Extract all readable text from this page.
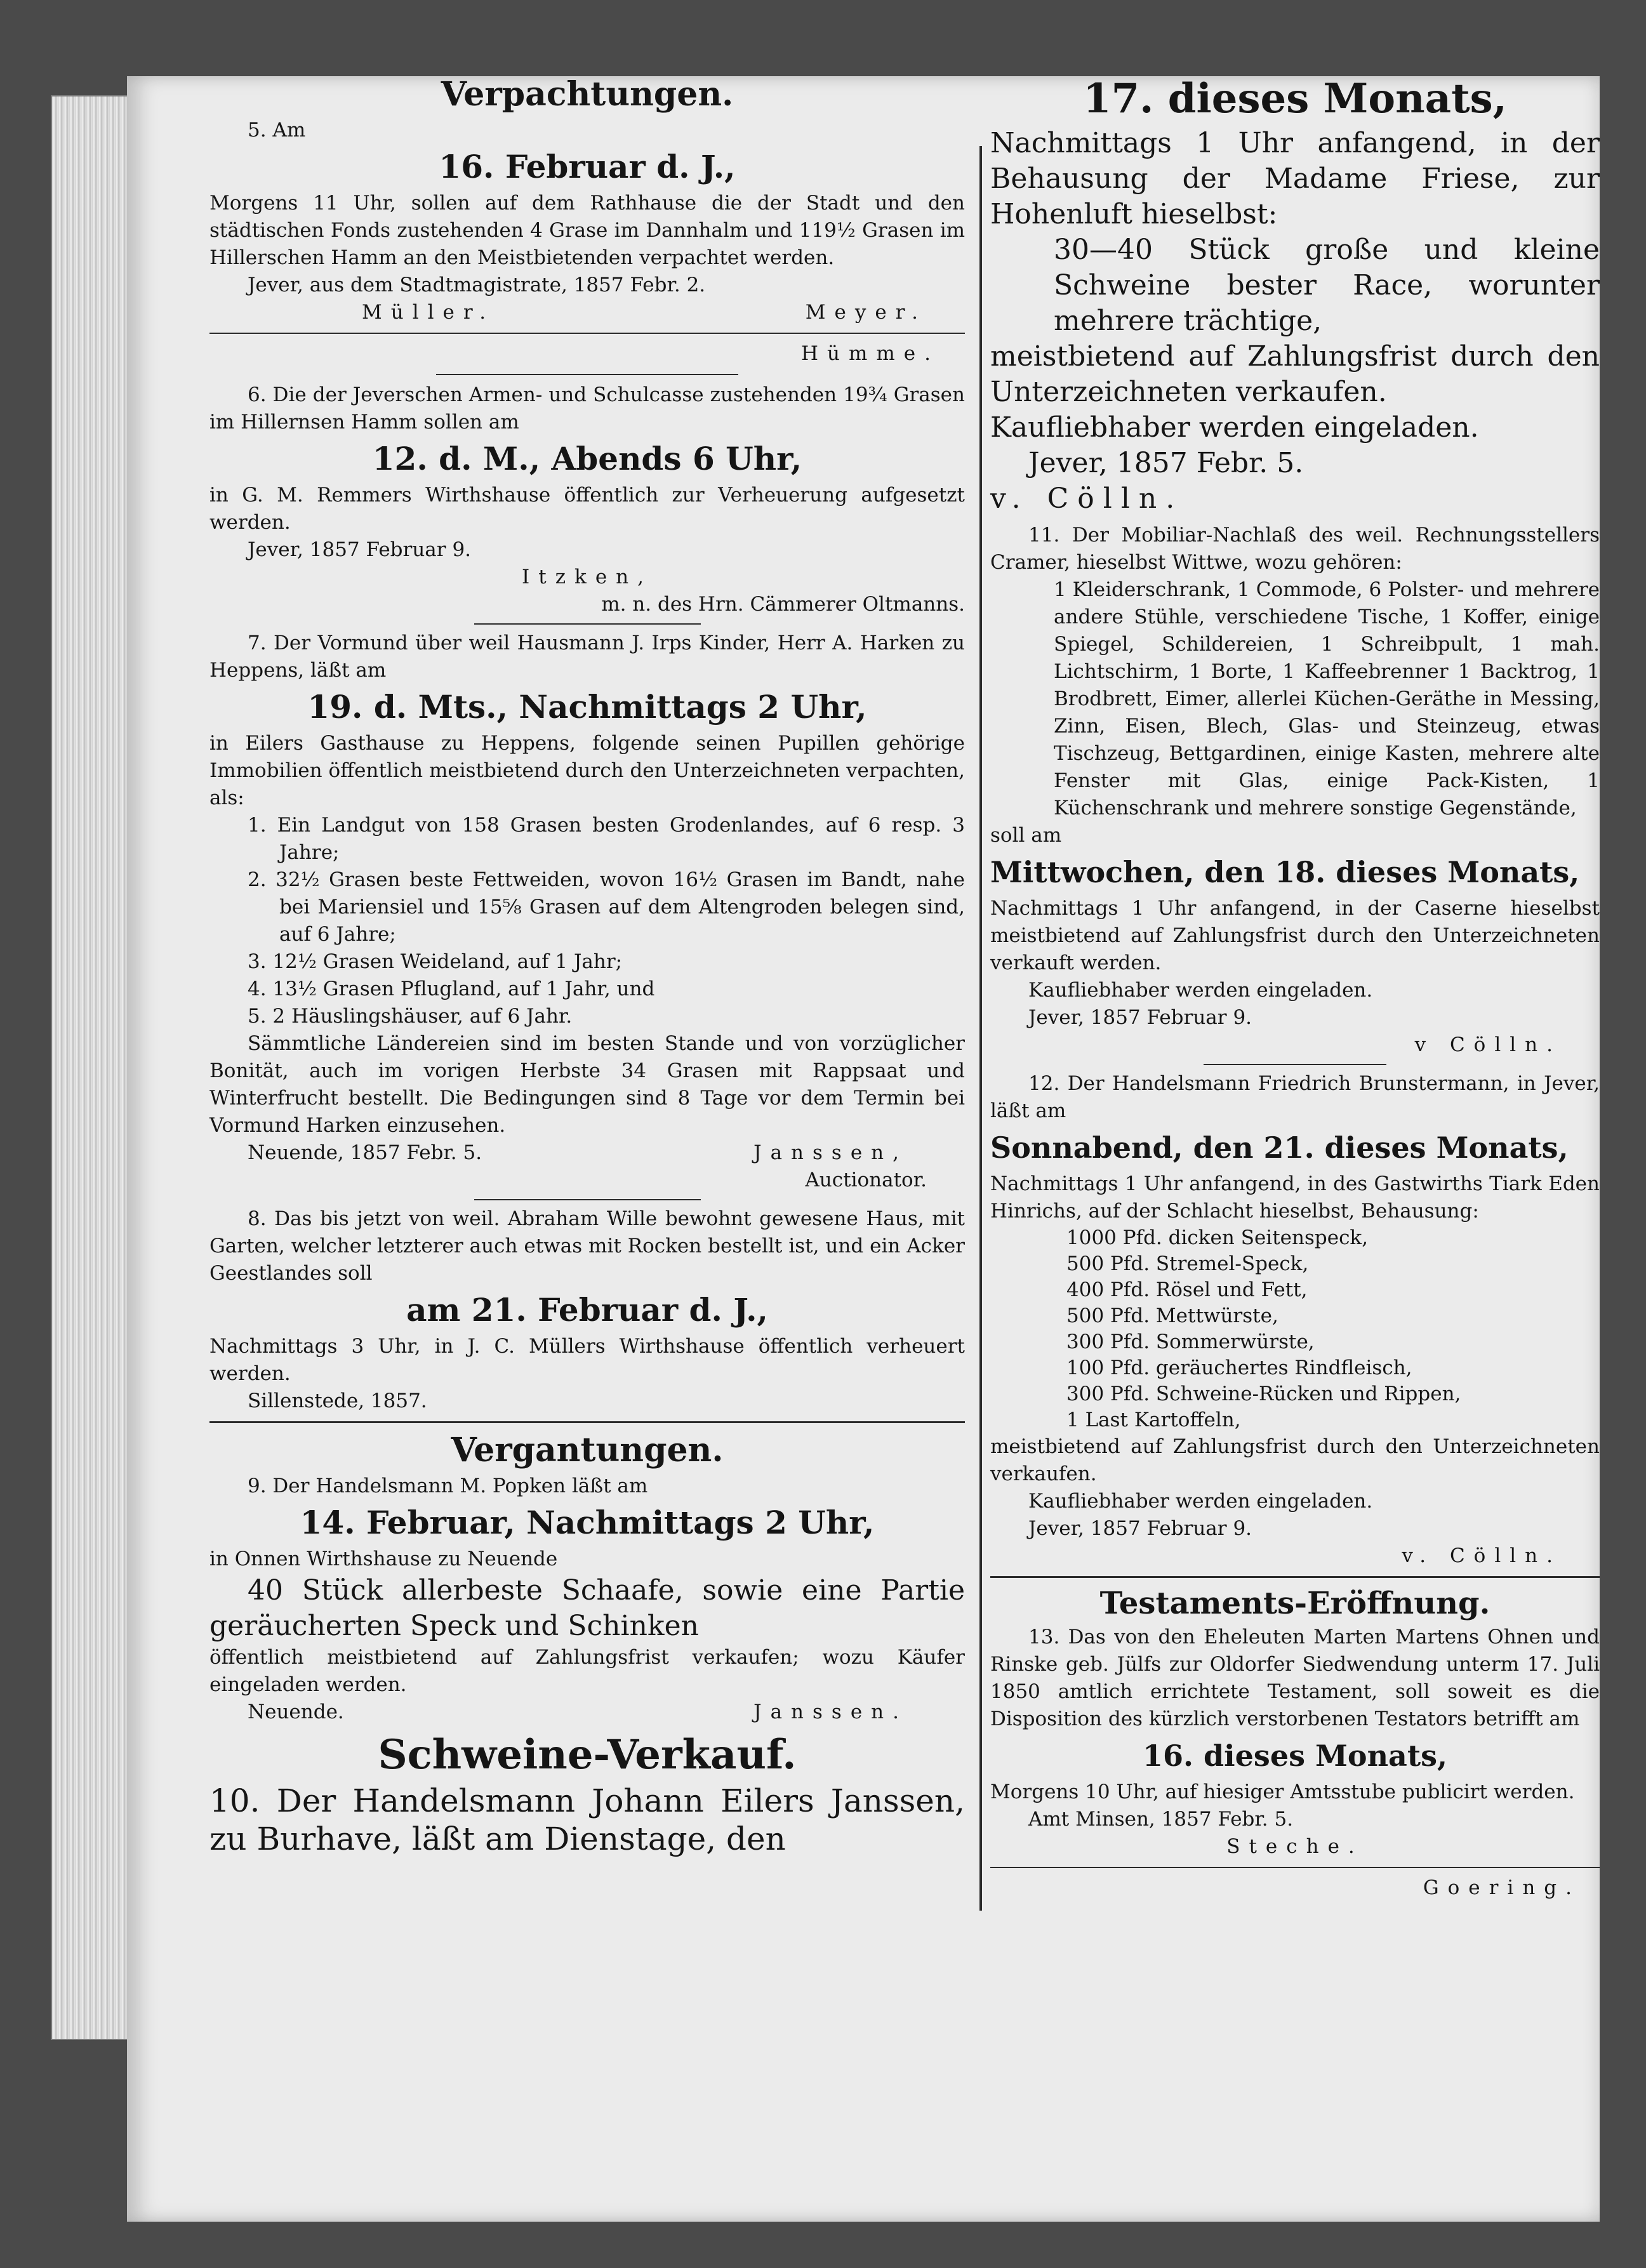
Verpachtungen.

5. Am

16. Februar d. J.,

Morgens 11 Uhr, sollen auf dem Rathhause die der Stadt und den städtischen Fonds zustehenden 4 Grase im Dannhalm und 119½ Grasen im Hillerschen Hamm an den Meistbietenden verpachtet werden.

Jever, aus dem Stadtmagistrate, 1857 Febr. 2.

Müller.	Meyer.

Hümme.

6. Die der Jeverschen Armen- und Schulcasse zustehenden 19¾ Grasen im Hillernsen Hamm sollen am

12. d. M., Abends 6 Uhr,

in G. M. Remmers Wirthshause öffentlich zur Verheuerung aufgesetzt werden.

Jever, 1857 Februar 9.

Itzken,

m. n. des Hrn. Cämmerer Oltmanns.

7. Der Vormund über weil Hausmann J. Irps Kinder, Herr A. Harken zu Heppens, läßt am

19. d. Mts., Nachmittags 2 Uhr,

in Eilers Gasthause zu Heppens, folgende seinen Pupillen gehörige Immobilien öffentlich meistbietend durch den Unterzeichneten verpachten, als:

1. Ein Landgut von 158 Grasen besten Grodenlandes, auf 6 resp. 3 Jahre;

2. 32½ Grasen beste Fettweiden, wovon 16½ Grasen im Bandt, nahe bei Mariensiel und 15⅝ Grasen auf dem Altengroden belegen sind, auf 6 Jahre;

3. 12½ Grasen Weideland, auf 1 Jahr;

4. 13½ Grasen Pflugland, auf 1 Jahr, und

5. 2 Häuslingshäuser, auf 6 Jahr.

Sämmtliche Ländereien sind im besten Stande und von vorzüglicher Bonität, auch im vorigen Herbste 34 Grasen mit Rappsaat und Winterfrucht bestellt. Die Bedingungen sind 8 Tage vor dem Termin bei Vormund Harken einzusehen.

Neuende, 1857 Febr. 5.	Janssen,

Auctionator.

8. Das bis jetzt von weil. Abraham Wille bewohnt gewesene Haus, mit Garten, welcher letzterer auch etwas mit Rocken bestellt ist, und ein Acker Geestlandes soll

am 21. Februar d. J.,

Nachmittags 3 Uhr, in J. C. Müllers Wirthshause öffentlich verheuert werden.

Sillenstede, 1857.

Vergantungen.

9. Der Handelsmann M. Popken läßt am

14. Februar, Nachmittags 2 Uhr,

in Onnen Wirthshause zu Neuende

40 Stück allerbeste Schaafe, sowie eine Partie geräucherten Speck und Schinken

öffentlich meistbietend auf Zahlungsfrist verkaufen; wozu Käufer eingeladen werden.

Neuende.	Janssen.
Schweine-Verkauf.

10. Der Handelsmann Johann Eilers Janssen, zu Burhave, läßt am Dienstage, den

17. dieses Monats,

Nachmittags 1 Uhr anfangend, in der Behausung der Madame Friese, zur Hohenluft hieselbst:

30—40 Stück große und kleine Schweine bester Race, worunter mehrere trächtige,

meistbietend auf Zahlungsfrist durch den Unterzeichneten verkaufen.

Kaufliebhaber werden eingeladen.

Jever, 1857 Febr. 5.

v. Cölln.

11. Der Mobiliar-Nachlaß des weil. Rechnungsstellers Cramer, hieselbst Wittwe, wozu gehören:

1 Kleiderschrank, 1 Commode, 6 Polster- und mehrere andere Stühle, verschiedene Tische, 1 Koffer, einige Spiegel, Schildereien, 1 Schreibpult, 1 mah. Lichtschirm, 1 Borte, 1 Kaffeebrenner 1 Backtrog, 1 Brodbrett, Eimer, allerlei Küchen-Geräthe in Messing, Zinn, Eisen, Blech, Glas- und Steinzeug, etwas Tischzeug, Bettgardinen, einige Kasten, mehrere alte Fenster mit Glas, einige Pack-Kisten, 1 Küchenschrank und mehrere sonstige Gegenstände,

soll am

Mittwochen, den 18. dieses Monats,

Nachmittags 1 Uhr anfangend, in der Caserne hieselbst meistbietend auf Zahlungsfrist durch den Unterzeichneten verkauft werden.

Kaufliebhaber werden eingeladen.

Jever, 1857 Februar 9.

v Cölln.

12. Der Handelsmann Friedrich Brunstermann, in Jever, läßt am

Sonnabend, den 21. dieses Monats,

Nachmittags 1 Uhr anfangend, in des Gastwirths Tiark Eden Hinrichs, auf der Schlacht hieselbst, Behausung:

1000 Pfd. dicken Seitenspeck,

500 Pfd. Stremel-Speck,

400 Pfd. Rösel und Fett,

500 Pfd. Mettwürste,

300 Pfd. Sommerwürste,

100 Pfd. geräuchertes Rindfleisch,

300 Pfd. Schweine-Rücken und Rippen,

1 Last Kartoffeln,

meistbietend auf Zahlungsfrist durch den Unterzeichneten verkaufen.

Kaufliebhaber werden eingeladen.

Jever, 1857 Februar 9.

v. Cölln.

Testaments-Eröffnung.

13. Das von den Eheleuten Marten Martens Ohnen und Rinske geb. Jülfs zur Oldorfer Siedwendung unterm 17. Juli 1850 amtlich errichtete Testament, soll soweit es die Disposition des kürzlich verstorbenen Testators betrifft am

16. dieses Monats,

Morgens 10 Uhr, auf hiesiger Amtsstube publicirt werden.

Amt Minsen, 1857 Febr. 5.

Steche.

Goering.
